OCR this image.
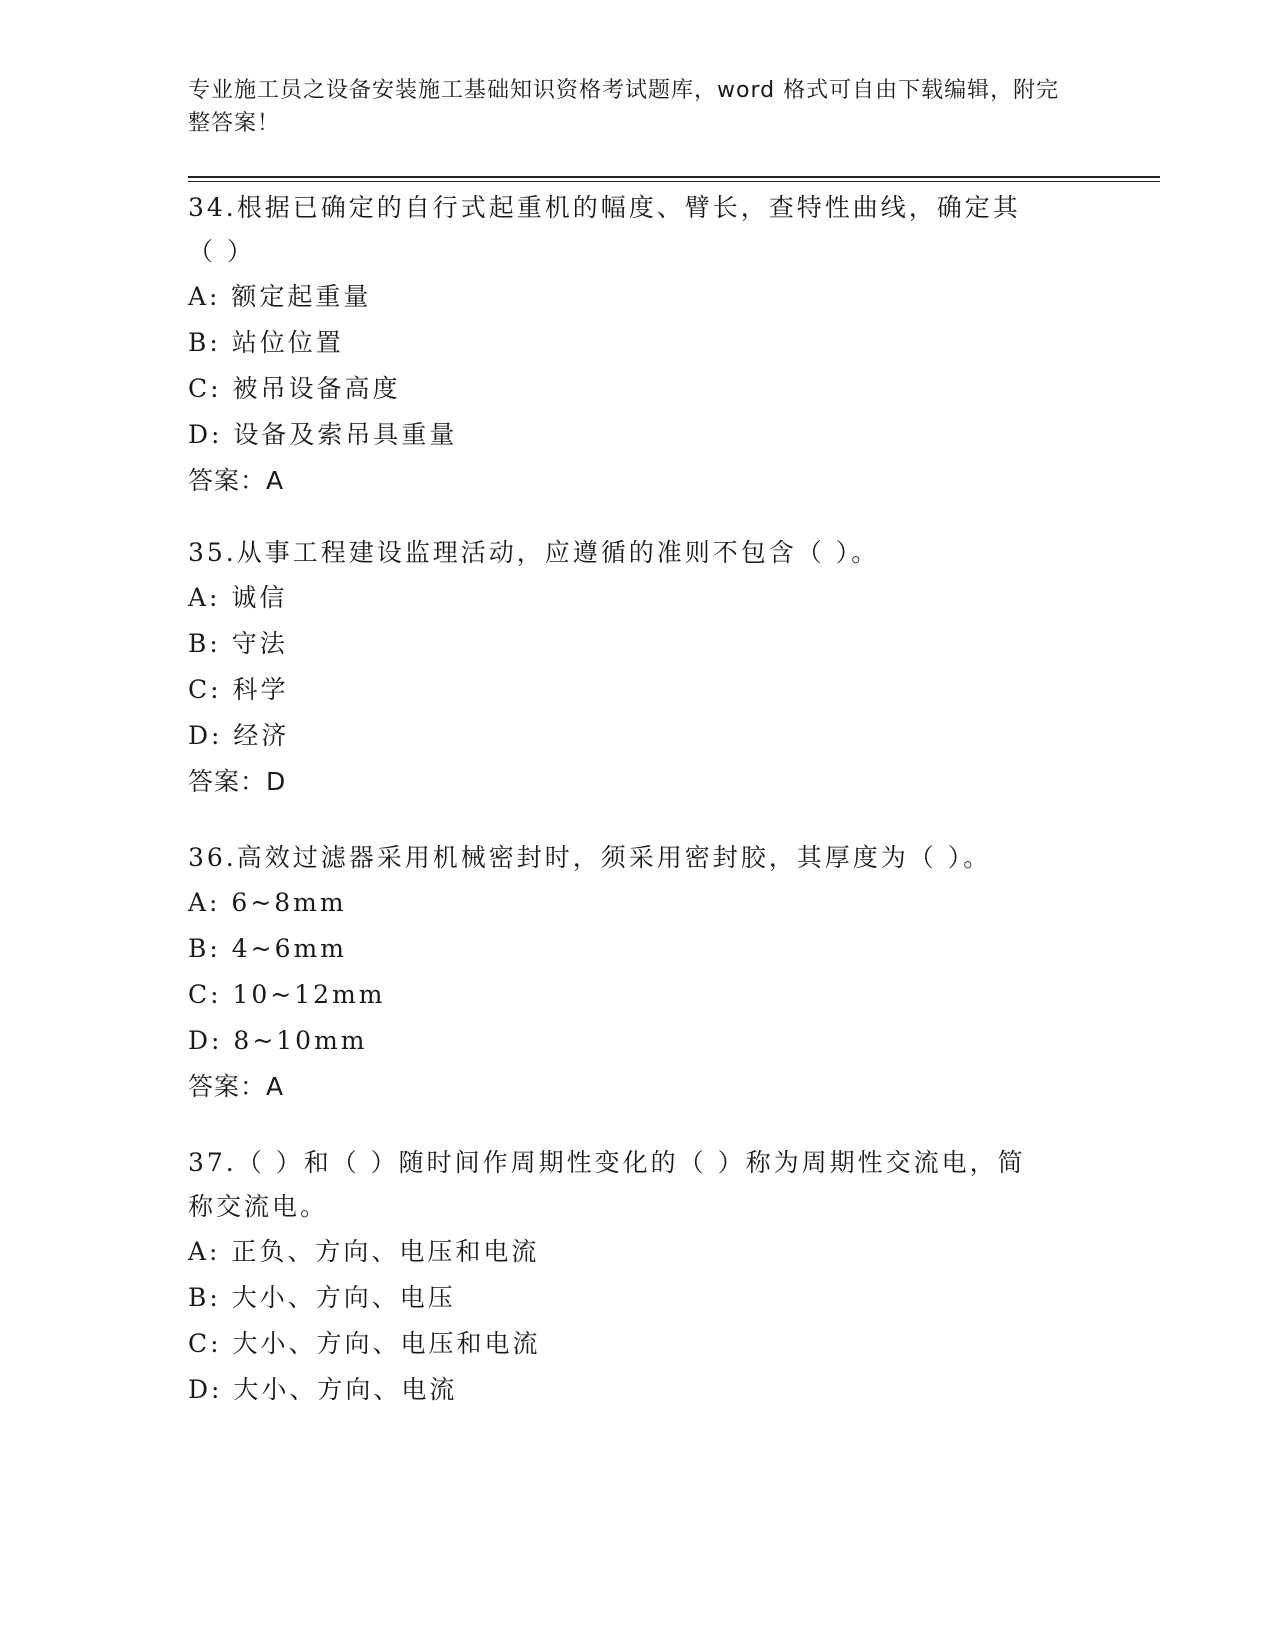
专业施工员之设备安装施工基础知识资格考试题库，word 格式可自由下载编辑，附完整答案！
34.根据已确定的自行式起重机的幅度、臂长，查特性曲线，确定其（ ）
A: 额定起重量
B: 站位位置
C: 被吊设备高度
D: 设备及索吊具重量
答案：A
35.从事工程建设监理活动，应遵循的准则不包含（ ）。
A: 诚信
B: 守法
C: 科学
D: 经济
答案：D
36.高效过滤器采用机械密封时，须采用密封胶，其厚度为（ ）。
A: 6~8mm
B: 4~6mm
C: 10~12mm
D: 8~10mm
答案：A
37.（ ）和（ ）随时间作周期性变化的（ ）称为周期性交流电，简称交流电。
A: 正负、方向、电压和电流
B: 大小、方向、电压
C: 大小、方向、电压和电流
D: 大小、方向、电流
